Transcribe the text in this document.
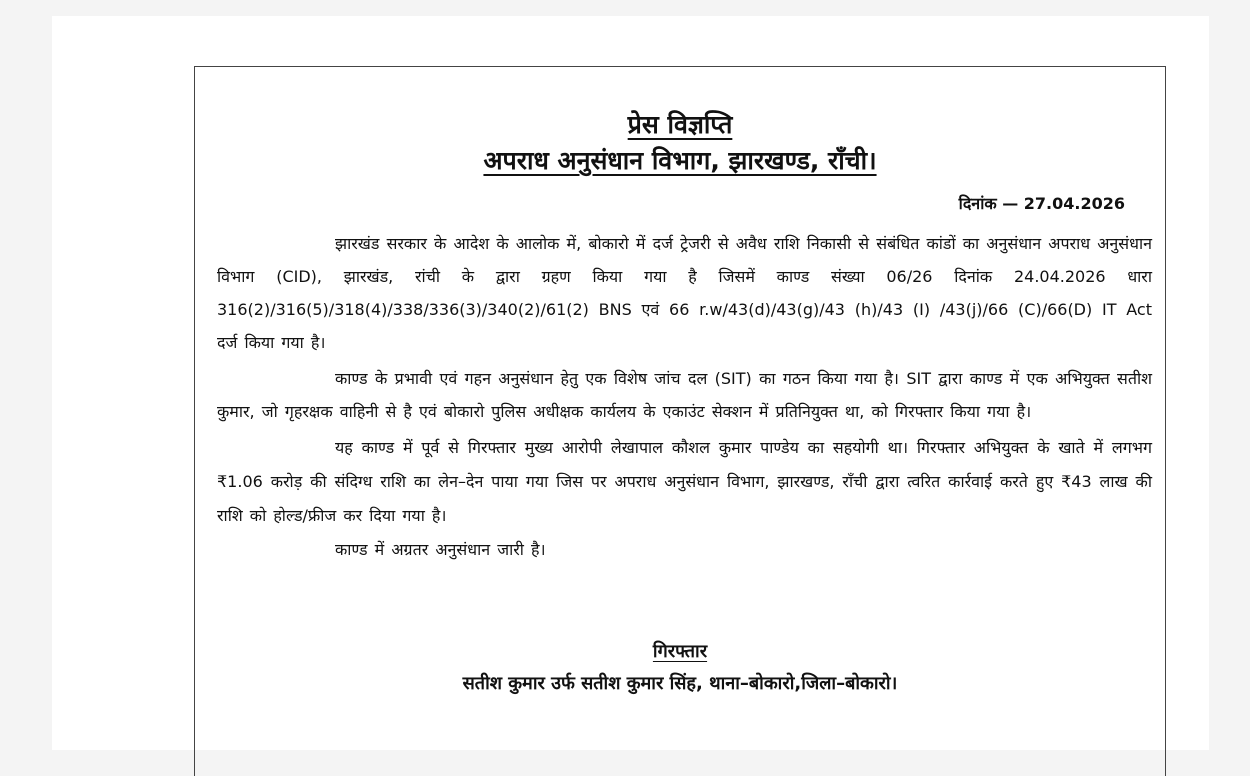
प्रेस विज्ञप्ति
अपराध अनुसंधान विभाग, झारखण्ड, राँची।
दिनांक — 27.04.2026

झारखंड सरकार के आदेश के आलोक में, बोकारो में दर्ज ट्रेजरी से अवैध राशि निकासी से संबंधित कांडों का अनुसंधान अपराध अनुसंधान विभाग (CID), झारखंड, रांची के द्वारा ग्रहण किया गया है जिसमें काण्ड संख्या 06/26 दिनांक 24.04.2026 धारा 316(2)/316(5)/318(4)/338/336(3)/340(2)/61(2) BNS एवं 66 r.w/43(d)/43(g)/43 (h)/43 (I) /43(j)/66 (C)/66(D) IT Act दर्ज किया गया है।

काण्ड के प्रभावी एवं गहन अनुसंधान हेतु एक विशेष जांच दल (SIT) का गठन किया गया है। SIT द्वारा काण्ड में एक अभियुक्त सतीश कुमार, जो गृहरक्षक वाहिनी से है एवं बोकारो पुलिस अधीक्षक कार्यलय के एकाउंट सेक्शन में प्रतिनियुक्त था, को गिरफ्तार किया गया है।

यह काण्ड में पूर्व से गिरफ्तार मुख्य आरोपी लेखापाल कौशल कुमार पाण्डेय का सहयोगी था। गिरफ्तार अभियुक्त के खाते में लगभग ₹1.06 करोड़ की संदिग्ध राशि का लेन–देन पाया गया जिस पर अपराध अनुसंधान विभाग, झारखण्ड, राँची द्वारा त्वरित कार्रवाई करते हुए ₹43 लाख की राशि को होल्ड/फ्रीज कर दिया गया है।

काण्ड में अग्रतर अनुसंधान जारी है।

गिरफ्तार
सतीश कुमार उर्फ सतीश कुमार सिंह, थाना–बोकारो,जिला–बोकारो।
